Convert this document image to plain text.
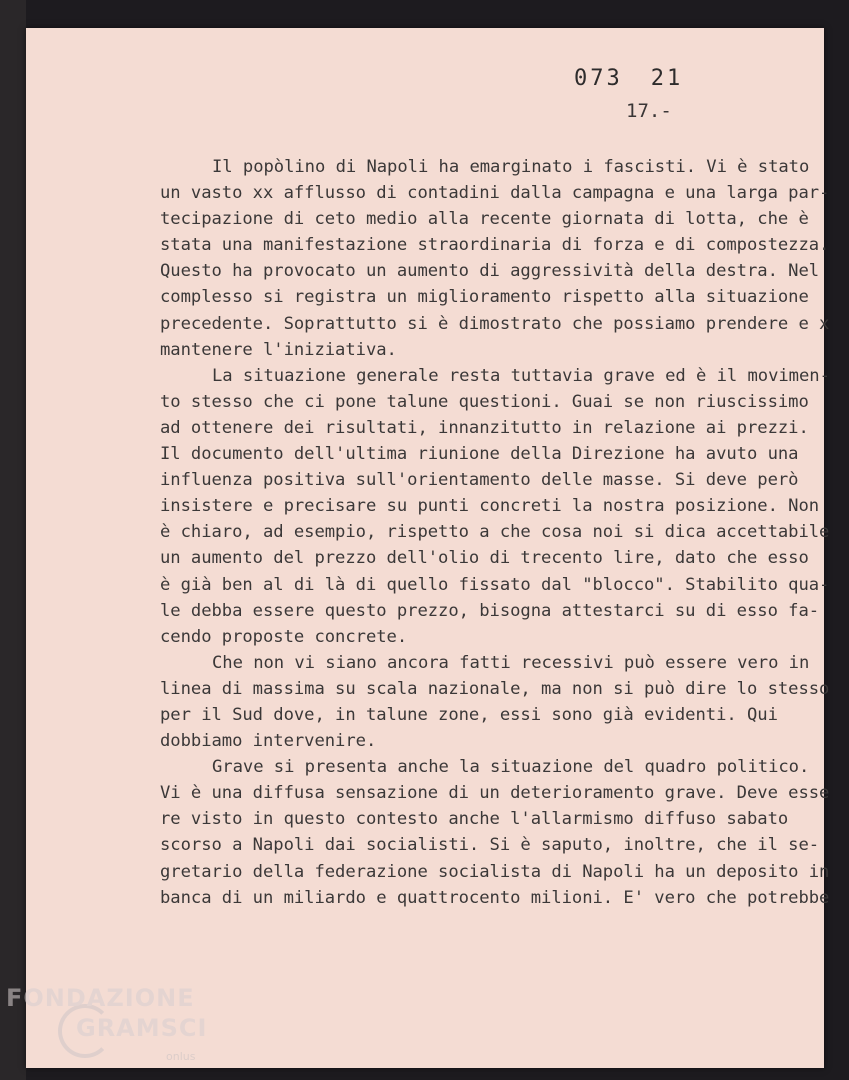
073 21
17.-
Il popòlino di Napoli ha emarginato i fascisti. Vi è stato
un vasto xx afflusso di contadini dalla campagna e una larga par-
tecipazione di ceto medio alla recente giornata di lotta, che è
stata una manifestazione straordinaria di forza e di compostezza.
Questo ha provocato un aumento di aggressività della destra. Nel
complesso si registra un miglioramento rispetto alla situazione
precedente. Soprattutto si è dimostrato che possiamo prendere e x
mantenere l'iniziativa.
La situazione generale resta tuttavia grave ed è il movimen-
to stesso che ci pone talune questioni. Guai se non riuscissimo
ad ottenere dei risultati, innanzitutto in relazione ai prezzi.
Il documento dell'ultima riunione della Direzione ha avuto una
influenza positiva sull'orientamento delle masse. Si deve però
insistere e precisare su punti concreti la nostra posizione. Non
è chiaro, ad esempio, rispetto a che cosa noi si dica accettabile
un aumento del prezzo dell'olio di trecento lire, dato che esso
è già ben al di là di quello fissato dal "blocco". Stabilito qua-
le debba essere questo prezzo, bisogna attestarci su di esso fa-
cendo proposte concrete.
Che non vi siano ancora fatti recessivi può essere vero in
linea di massima su scala nazionale, ma non si può dire lo stesso
per il Sud dove, in talune zone, essi sono già evidenti. Qui
dobbiamo intervenire.
Grave si presenta anche la situazione del quadro politico.
Vi è una diffusa sensazione di un deterioramento grave. Deve esse
re visto in questo contesto anche l'allarmismo diffuso sabato
scorso a Napoli dai socialisti. Si è saputo, inoltre, che il se-
gretario della federazione socialista di Napoli ha un deposito in
banca di un miliardo e quattrocento milioni. E' vero che potrebbe
FONDAZIONE
GRAMSCI
onlus
